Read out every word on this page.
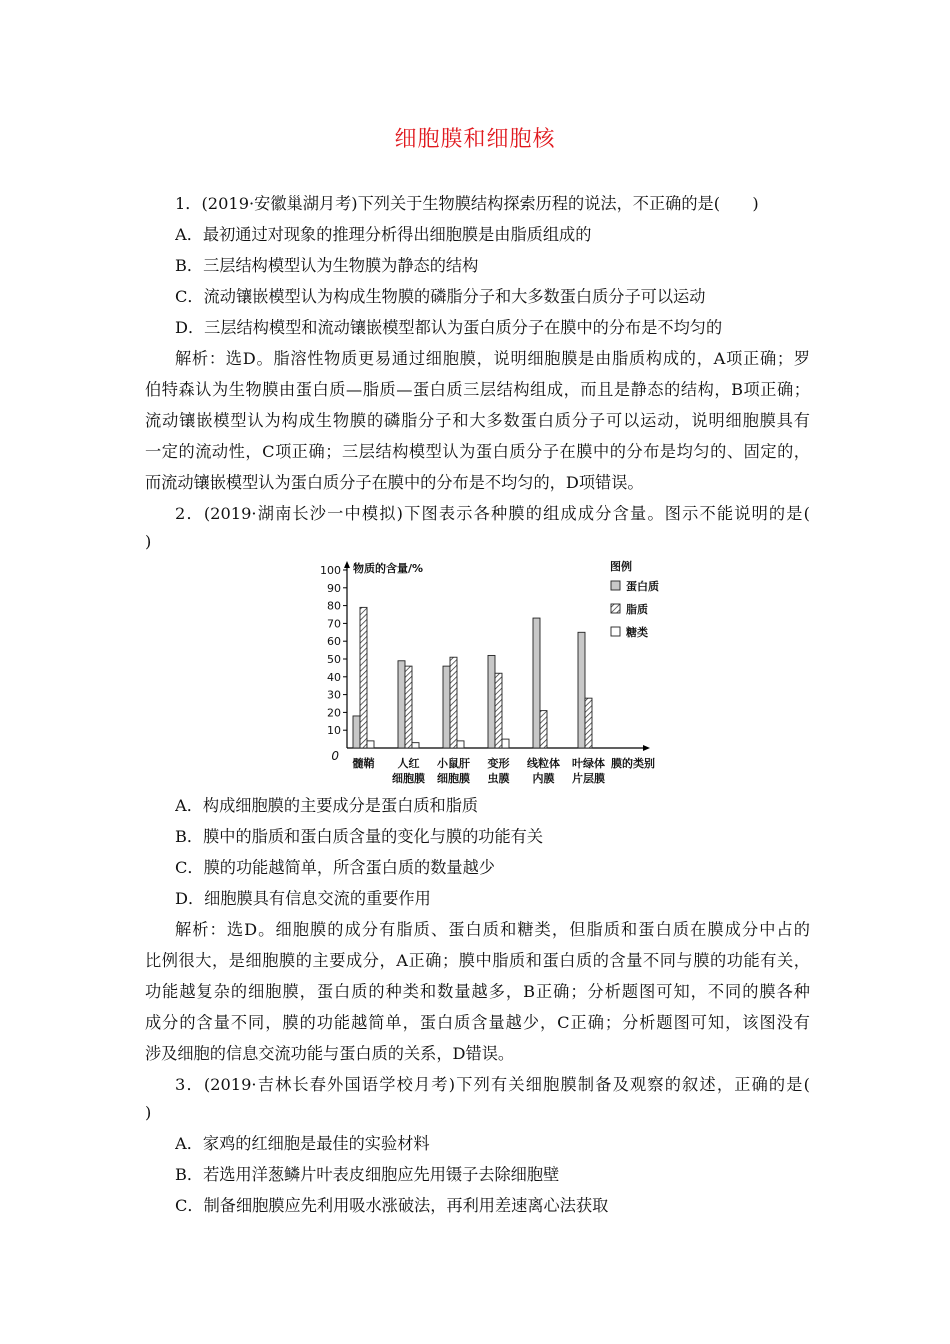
细胞膜和细胞核
1．(2019·安徽巢湖月考)下列关于生物膜结构探索历程的说法，不正确的是(　　)
A．最初通过对现象的推理分析得出细胞膜是由脂质组成的
B．三层结构模型认为生物膜为静态的结构
C．流动镶嵌模型认为构成生物膜的磷脂分子和大多数蛋白质分子可以运动
D．三层结构模型和流动镶嵌模型都认为蛋白质分子在膜中的分布是不均匀的
解析：选D。脂溶性物质更易通过细胞膜，说明细胞膜是由脂质构成的，A项正确；罗
伯特森认为生物膜由蛋白质—脂质—蛋白质三层结构组成，而且是静态的结构，B项正确；
流动镶嵌模型认为构成生物膜的磷脂分子和大多数蛋白质分子可以运动，说明细胞膜具有
一定的流动性，C项正确；三层结构模型认为蛋白质分子在膜中的分布是均匀的、固定的，
而流动镶嵌模型认为蛋白质分子在膜中的分布是不均匀的，D项错误。
2．(2019·湖南长沙一中模拟)下图表示各种膜的组成成分含量。图示不能说明的是(
)
0
10
20
30
40
50
60
70
80
90
100 物质的含量/%
膜的类别
髓鞘 人红
细胞膜
小鼠肝
细胞膜
变形
虫膜
线粒体
内膜
叶绿体
片层膜
图例
蛋白质
脂质
糖类
A．构成细胞膜的主要成分是蛋白质和脂质
B．膜中的脂质和蛋白质含量的变化与膜的功能有关
C．膜的功能越简单，所含蛋白质的数量越少
D．细胞膜具有信息交流的重要作用
解析：选D。细胞膜的成分有脂质、蛋白质和糖类，但脂质和蛋白质在膜成分中占的
比例很大，是细胞膜的主要成分，A正确；膜中脂质和蛋白质的含量不同与膜的功能有关，
功能越复杂的细胞膜，蛋白质的种类和数量越多，B正确；分析题图可知，不同的膜各种
成分的含量不同，膜的功能越简单，蛋白质含量越少，C正确；分析题图可知，该图没有
涉及细胞的信息交流功能与蛋白质的关系，D错误。
3．(2019·吉林长春外国语学校月考)下列有关细胞膜制备及观察的叙述，正确的是(
)
A．家鸡的红细胞是最佳的实验材料
B．若选用洋葱鳞片叶表皮细胞应先用镊子去除细胞壁
C．制备细胞膜应先利用吸水涨破法，再利用差速离心法获取
